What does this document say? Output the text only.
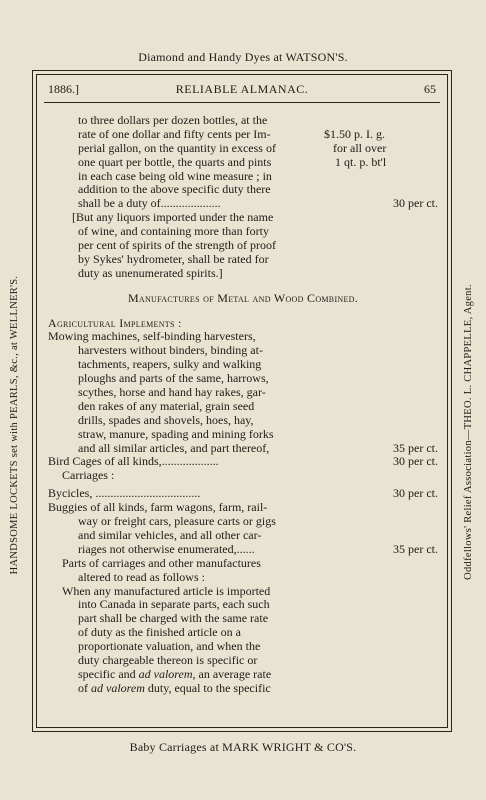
Diamond and Handy Dyes at WATSON'S.
HANDSOME LOCKETS set with PEARLS, &c., at WELLNER'S.	Oddfellows' Relief Association—THEO. L. CHAPPELLE, Agent.
1886.]	RELIABLE ALMANAC.	65
to three dollars per dozen bottles, at the
rate of one dollar and fifty cents per Im-	$1.50 p. I. g.
perial gallon, on the quantity in excess of	for all over
one quart per bottle, the quarts and pints	1 qt. p. bt'l
in each case being old wine measure ; in
addition to the above specific duty there
shall be a duty of....................	30 per ct.
[But any liquors imported under the name
of wine, and containing more than forty
per cent of spirits of the strength of proof
by Sykes' hydrometer, shall be rated for
duty as unenumerated spirits.]
Manufactures of Metal and Wood Combined.
Agricultural Implements :
Mowing machines, self-binding harvesters,
harvesters without binders, binding at-
tachments, reapers, sulky and walking
ploughs and parts of the same, harrows,
scythes, horse and hand hay rakes, gar-
den rakes of any material, grain seed
drills, spades and shovels, hoes, hay,
straw, manure, spading and mining forks
and all similar articles, and part thereof,	35 per ct.
Bird Cages of all kinds,...................	30 per ct.
Carriages :
Bycicles, ...................................	30 per ct.
Buggies of all kinds, farm wagons, farm, rail-
way or freight cars, pleasure carts or gigs
and similar vehicles, and all other car-
riages not otherwise enumerated,......	35 per ct.
Parts of carriages and other manufactures
altered to read as follows :
When any manufactured article is imported
into Canada in separate parts, each such
part shall be charged with the same rate
of duty as the finished article on a
proportionate valuation, and when the
duty chargeable thereon is specific or
specific and ad valorem, an average rate
of ad valorem duty, equal to the specific
Baby Carriages at MARK WRIGHT & CO'S.
